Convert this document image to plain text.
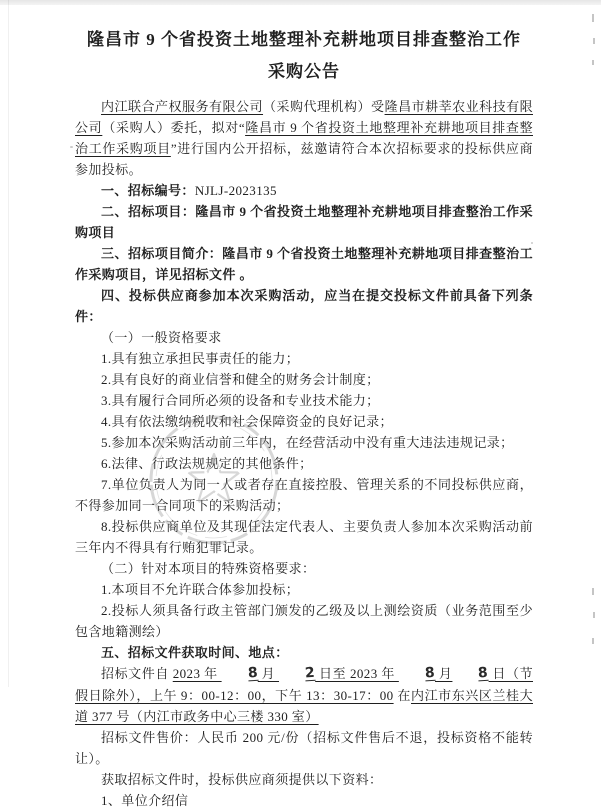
隆昌市 9 个省投资土地整理补充耕地项目排查整治工作
采购公告

内江联合产权服务有限公司（采购代理机构）受隆昌市耕莘农业科技有限公司（采购人）委托，拟对“隆昌市 9 个省投资土地整理补充耕地项目排查整治工作采购项目”进行国内公开招标，兹邀请符合本次招标要求的投标供应商参加投标。

一、招标编号：NJLJ-2023135

二、招标项目：隆昌市 9 个省投资土地整理补充耕地项目排查整治工作采购项目

三、招标项目简介：隆昌市 9 个省投资土地整理补充耕地项目排查整治工作采购项目，详见招标文件 。

四、投标供应商参加本次采购活动，应当在提交投标文件前具备下列条件：

（一）一般资格要求

1.具有独立承担民事责任的能力；

2.具有良好的商业信誉和健全的财务会计制度；

3.具有履行合同所必须的设备和专业技术能力；

4.具有依法缴纳税收和社会保障资金的良好记录；

5.参加本次采购活动前三年内，在经营活动中没有重大违法违规记录；

6.法律、行政法规规定的其他条件；

7.单位负责人为同一人或者存在直接控股、管理关系的不同投标供应商，不得参加同一合同项下的采购活动；

8.投标供应商单位及其现任法定代表人、主要负责人参加本次采购活动前三年内不得具有行贿犯罪记录。

（二）针对本项目的特殊资格要求：

1.本项目不允许联合体参加投标；

2.投标人须具备行政主管部门颁发的乙级及以上测绘资质（业务范围至少包含地籍测绘）

五、招标文件获取时间、地点：

招标文件自 2023 年 8 月 2 日至 2023 年 8 月 8 日（节假日除外），上午 9：00-12：00，下午 13：30-17：00 在内江市东兴区兰桂大道 377 号（内江市政务中心三楼 330 室）

招标文件售价：人民币 200 元/份（招标文件售后不退，投标资格不能转让）。

获取招标文件时，投标供应商须提供以下资料：

1、单位介绍信
